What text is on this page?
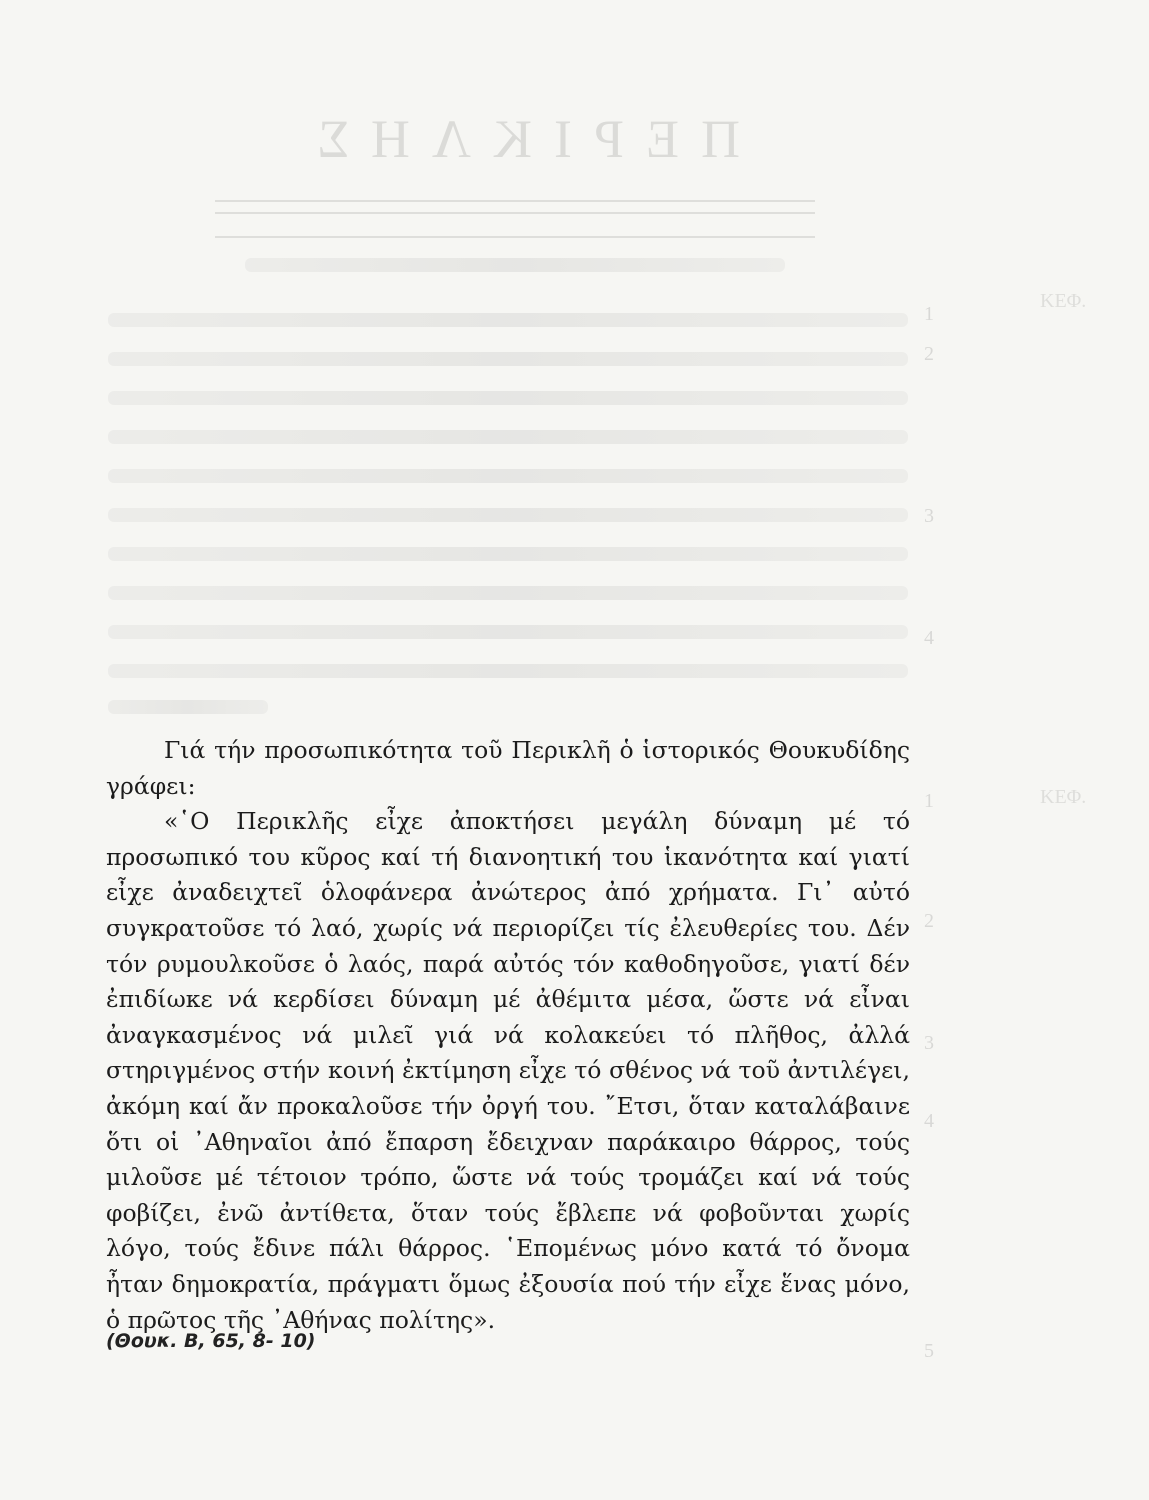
ΠΕΡΙΚΛΗΣ
1
2
3
4
1
2
3
4
5
ΚΕΦ.
ΚΕΦ.

Γιά τήν προσωπικότητα τοῦ Περικλῆ ὁ ἱστορικός Θουκυδίδης γράφει:

«῾Ο Περικλῆς εἶχε ἀποκτήσει μεγάλη δύναμη μέ τό προσωπικό του κῦρος καί τή διανοητική του ἱκανότητα καί γιατί εἶχε ἀναδειχτεῖ ὁλοφάνερα ἀνώτερος ἀπό χρήματα. Γι᾽ αὐτό συγκρατοῦσε τό λαό, χωρίς νά περιορίζει τίς ἐλευθερίες του. Δέν τόν ρυμουλκοῦσε ὁ λαός, παρά αὐτός τόν καθοδηγοῦσε, γιατί δέν ἐπιδίωκε νά κερδίσει δύναμη μέ ἀθέμιτα μέσα, ὥστε νά εἶναι ἀναγκασμένος νά μιλεῖ γιά νά κολακεύει τό πλῆθος, ἀλλά στηριγμένος στήν κοινή ἐκτίμηση εἶχε τό σθένος νά τοῦ ἀντιλέγει, ἀκόμη καί ἄν προκαλοῦσε τήν ὀργή του. ῎Ετσι, ὅταν καταλάβαινε ὅτι οἱ ᾿Αθηναῖοι ἀπό ἔπαρση ἔδειχναν παράκαιρο θάρρος, τούς μιλοῦσε μέ τέτοιον τρόπο, ὥστε νά τούς τρομάζει καί νά τούς φοβίζει, ἐνῶ ἀντίθετα, ὅταν τούς ἔβλεπε νά φοβοῦνται χωρίς λόγο, τούς ἔδινε πάλι θάρρος. ῾Επομένως μόνο κατά τό ὄνομα ἦταν δημοκρατία, πράγματι ὅμως ἐξουσία πού τήν εἶχε ἕνας μόνο, ὁ πρῶτος τῆς ᾿Αθήνας πολίτης».

(Θουκ. Β, 65, 8- 10)
